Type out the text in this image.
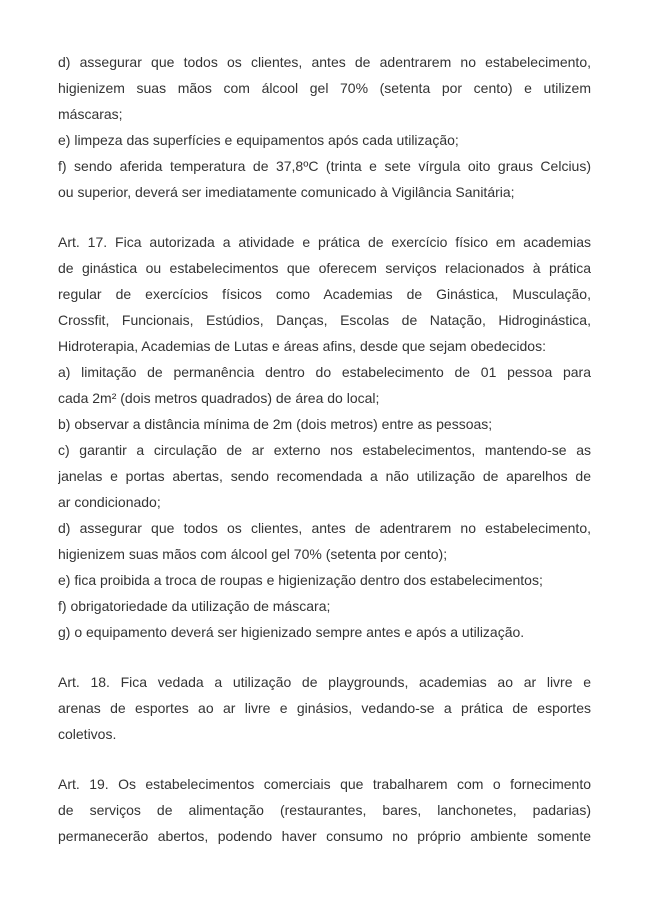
d) assegurar que todos os clientes, antes de adentrarem no estabelecimento,
higienizem suas mãos com álcool gel 70% (setenta por cento) e utilizem
máscaras;
e) limpeza das superfícies e equipamentos após cada utilização;
f) sendo aferida temperatura de 37,8ºC (trinta e sete vírgula oito graus Celcius)
ou superior, deverá ser imediatamente comunicado à Vigilância Sanitária;
Art. 17. Fica autorizada a atividade e prática de exercício físico em academias
de ginástica ou estabelecimentos que oferecem serviços relacionados à prática
regular de exercícios físicos como Academias de Ginástica, Musculação,
Crossfit, Funcionais, Estúdios, Danças, Escolas de Natação, Hidroginástica,
Hidroterapia, Academias de Lutas e áreas afins, desde que sejam obedecidos:
a) limitação de permanência dentro do estabelecimento de 01 pessoa para
cada 2m² (dois metros quadrados) de área do local;
b) observar a distância mínima de 2m (dois metros) entre as pessoas;
c) garantir a circulação de ar externo nos estabelecimentos, mantendo-se as
janelas e portas abertas, sendo recomendada a não utilização de aparelhos de
ar condicionado;
d) assegurar que todos os clientes, antes de adentrarem no estabelecimento,
higienizem suas mãos com álcool gel 70% (setenta por cento);
e) fica proibida a troca de roupas e higienização dentro dos estabelecimentos;
f) obrigatoriedade da utilização de máscara;
g) o equipamento deverá ser higienizado sempre antes e após a utilização.
Art. 18. Fica vedada a utilização de playgrounds, academias ao ar livre e
arenas de esportes ao ar livre e ginásios, vedando-se a prática de esportes
coletivos.
Art. 19. Os estabelecimentos comerciais que trabalharem com o fornecimento
de serviços de alimentação (restaurantes, bares, lanchonetes, padarias)
permanecerão abertos, podendo haver consumo no próprio ambiente somente
